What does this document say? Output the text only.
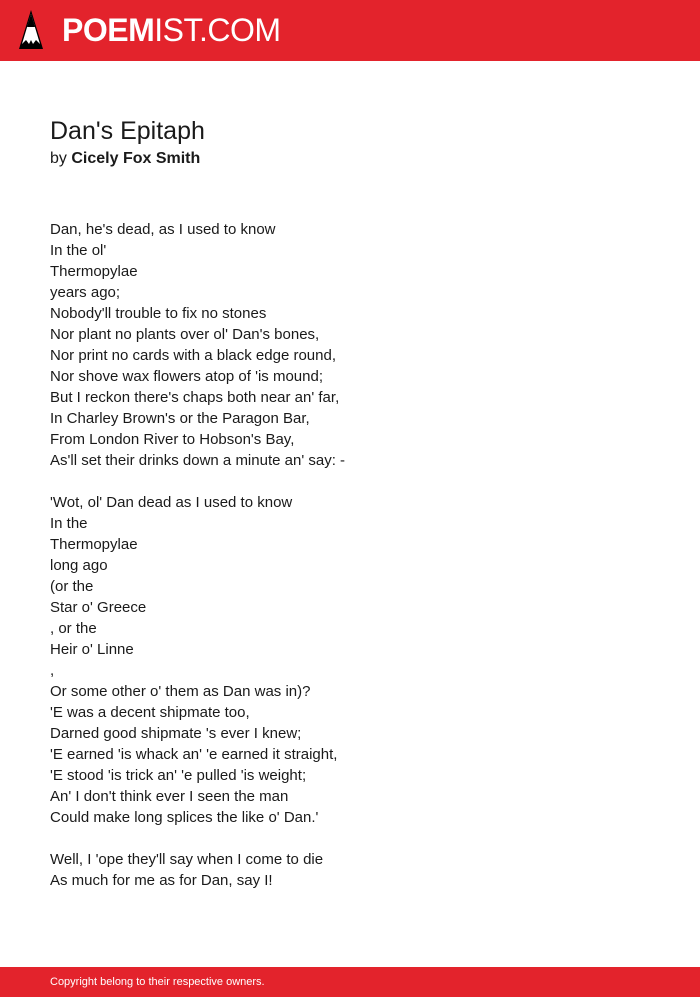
POEMIST.COM
Dan's Epitaph
by Cicely Fox Smith
Dan, he's dead, as I used to know
In the ol'
Thermopylae
years ago;
Nobody'll trouble to fix no stones
Nor plant no plants over ol' Dan's bones,
Nor print no cards with a black edge round,
Nor shove wax flowers atop of 'is mound;
But I reckon there's chaps both near an' far,
In Charley Brown's or the Paragon Bar,
From London River to Hobson's Bay,
As'll set their drinks down a minute an' say: -
'Wot, ol' Dan dead as I used to know
In the
Thermopylae
long ago
(or the
Star o' Greece
, or the
Heir o' Linne
,
Or some other o' them as Dan was in)?
'E was a decent shipmate too,
Darned good shipmate 's ever I knew;
'E earned 'is whack an' 'e earned it straight,
'E stood 'is trick an' 'e pulled 'is weight;
An' I don't think ever I seen the man
Could make long splices the like o' Dan.'
Well, I 'ope they'll say when I come to die
As much for me as for Dan, say I!
Copyright belong to their respective owners.
